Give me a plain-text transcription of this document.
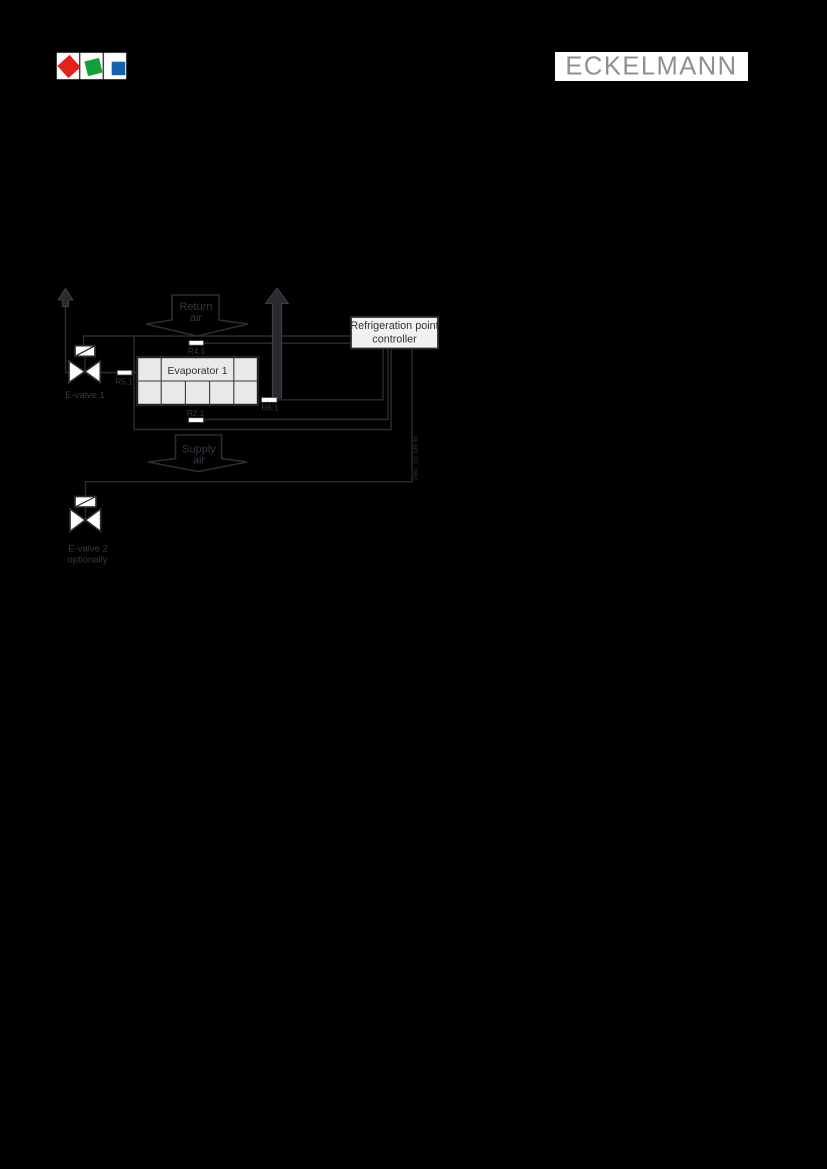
ECKELMANN
Return
air
Supply
air
Refrigeration point
controller
Evaporator 1
R4.1
R5.1
R6.1
R2.1
E-valve 1
E-valve 2
optionally
2961_111 430 50
